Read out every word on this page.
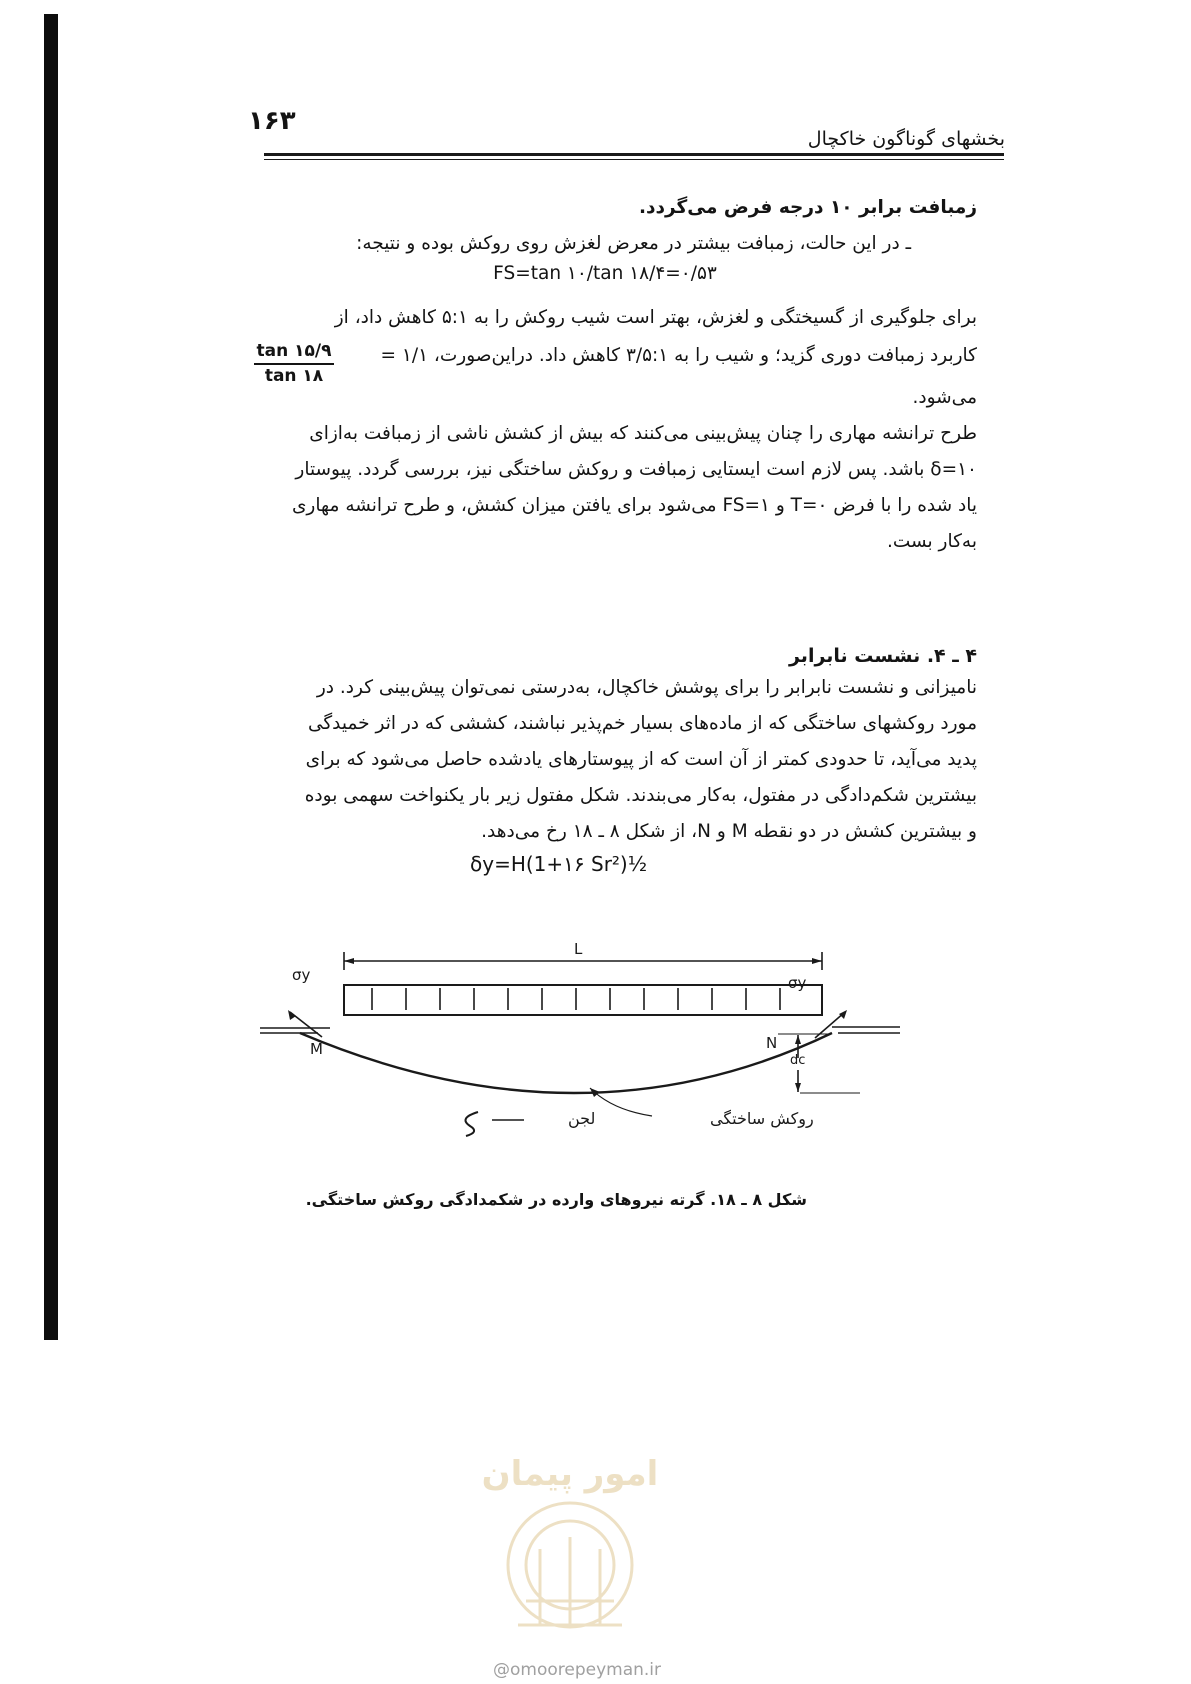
۱۶۳
بخشهای گوناگون خاکچال
زمبافت برابر ۱۰ درجه فرض می‌گردد.
ـ در این حالت، زمبافت بیشتر در معرض لغزش روی روکش بوده و نتیجه:
FS=tan ۱۰/tan ۱۸/۴=۰/۵۳
برای جلوگیری از گسیختگی و لغزش، بهتر است شیب روکش را به ۵:۱ کاهش داد، از
کاربرد زمبافت دوری گزید؛ و شیب را به ۳/۵:۱ کاهش داد. دراین‌صورت، ۱/۱ =
$\frac{\tan ۱۵/۹}{\tan ۱۸}$
می‌شود.
طرح ترانشه مهاری را چنان پیش‌بینی می‌کنند که بیش از کشش ناشی از زمبافت به‌ازای
δ=۱۰ باشد. پس لازم است ایستایی زمبافت و روکش ساختگی نیز، بررسی گردد. پیوستار
یاد شده را با فرض T=۰ و FS=۱ می‌شود برای یافتن میزان کشش، و طرح ترانشه مهاری
به‌کار بست.
۴ ـ ۴. نشست نابرابر
نامیزانی و نشست نابرابر را برای پوشش خاکچال، به‌درستی نمی‌توان پیش‌بینی کرد. در
مورد روکشهای ساختگی که از ماده‌های بسیار خم‌پذیر نباشند، کششی که در اثر خمیدگی
پدید می‌آید، تا حدودی کمتر از آن است که از پیوستارهای یادشده حاصل می‌شود که برای
بیشترین شکم‌دادگی در مفتول، به‌کار می‌بندند. شکل مفتول زیر بار یکنواخت سهمی بوده
و بیشترین کشش در دو نقطه M و N، از شکل ۸ ـ ۱۸ رخ می‌دهد.
δy=H(1+۱۶ Sr²)½
L
σy	σy
M	N
dc
روکش ساختگی
لجن
شکل ۸ ـ ۱۸. گرته نیروهای وارده در شکمدادگی روکش ساختگی.
امور پیمان
@omoorepeyman.ir
